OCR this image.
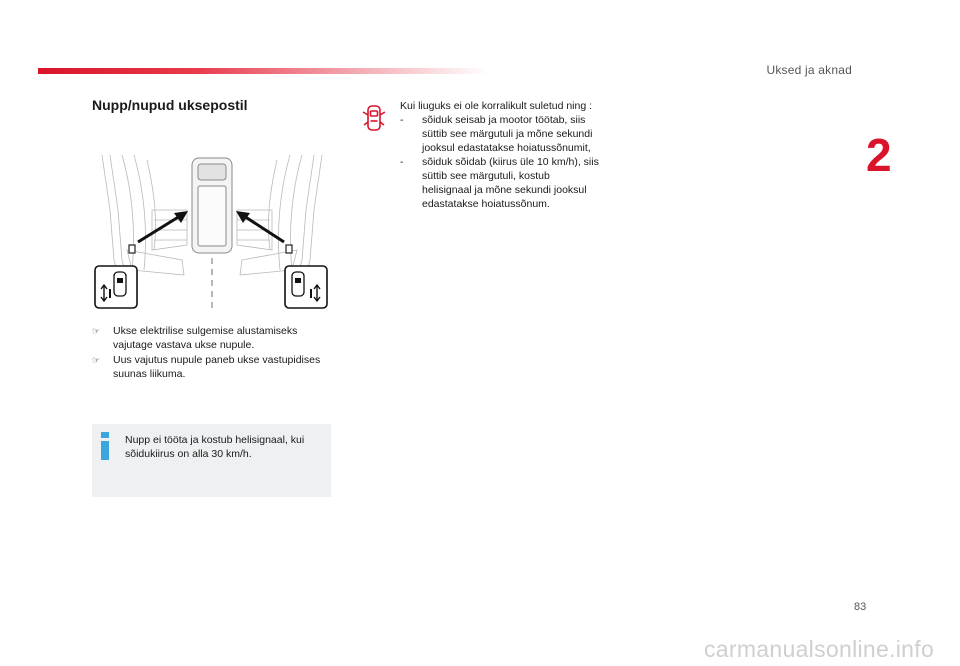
Uksed ja aknad
2
Nupp/nupud uksepostil
☞ Ukse elektrilise sulgemise alustamiseks vajutage vastava ukse nupule.
☞ Uus vajutus nupule paneb ukse vastupidises suunas liikuma.
Nupp ei tööta ja kostub helisignaal, kui sõidukiirus on alla 30 km/h.

Kui liuguks ei ole korralikult suletud ning :

- sõiduk seisab ja mootor töötab, siis süttib see märgutuli ja mõne sekundi jooksul edastatakse hoiatussõnumit,
- sõiduk sõidab (kiirus üle 10 km/h), siis süttib see märgutuli, kostub helisignaal ja mõne sekundi jooksul edastatakse hoiatussõnum.
83
carmanualsonline.info
